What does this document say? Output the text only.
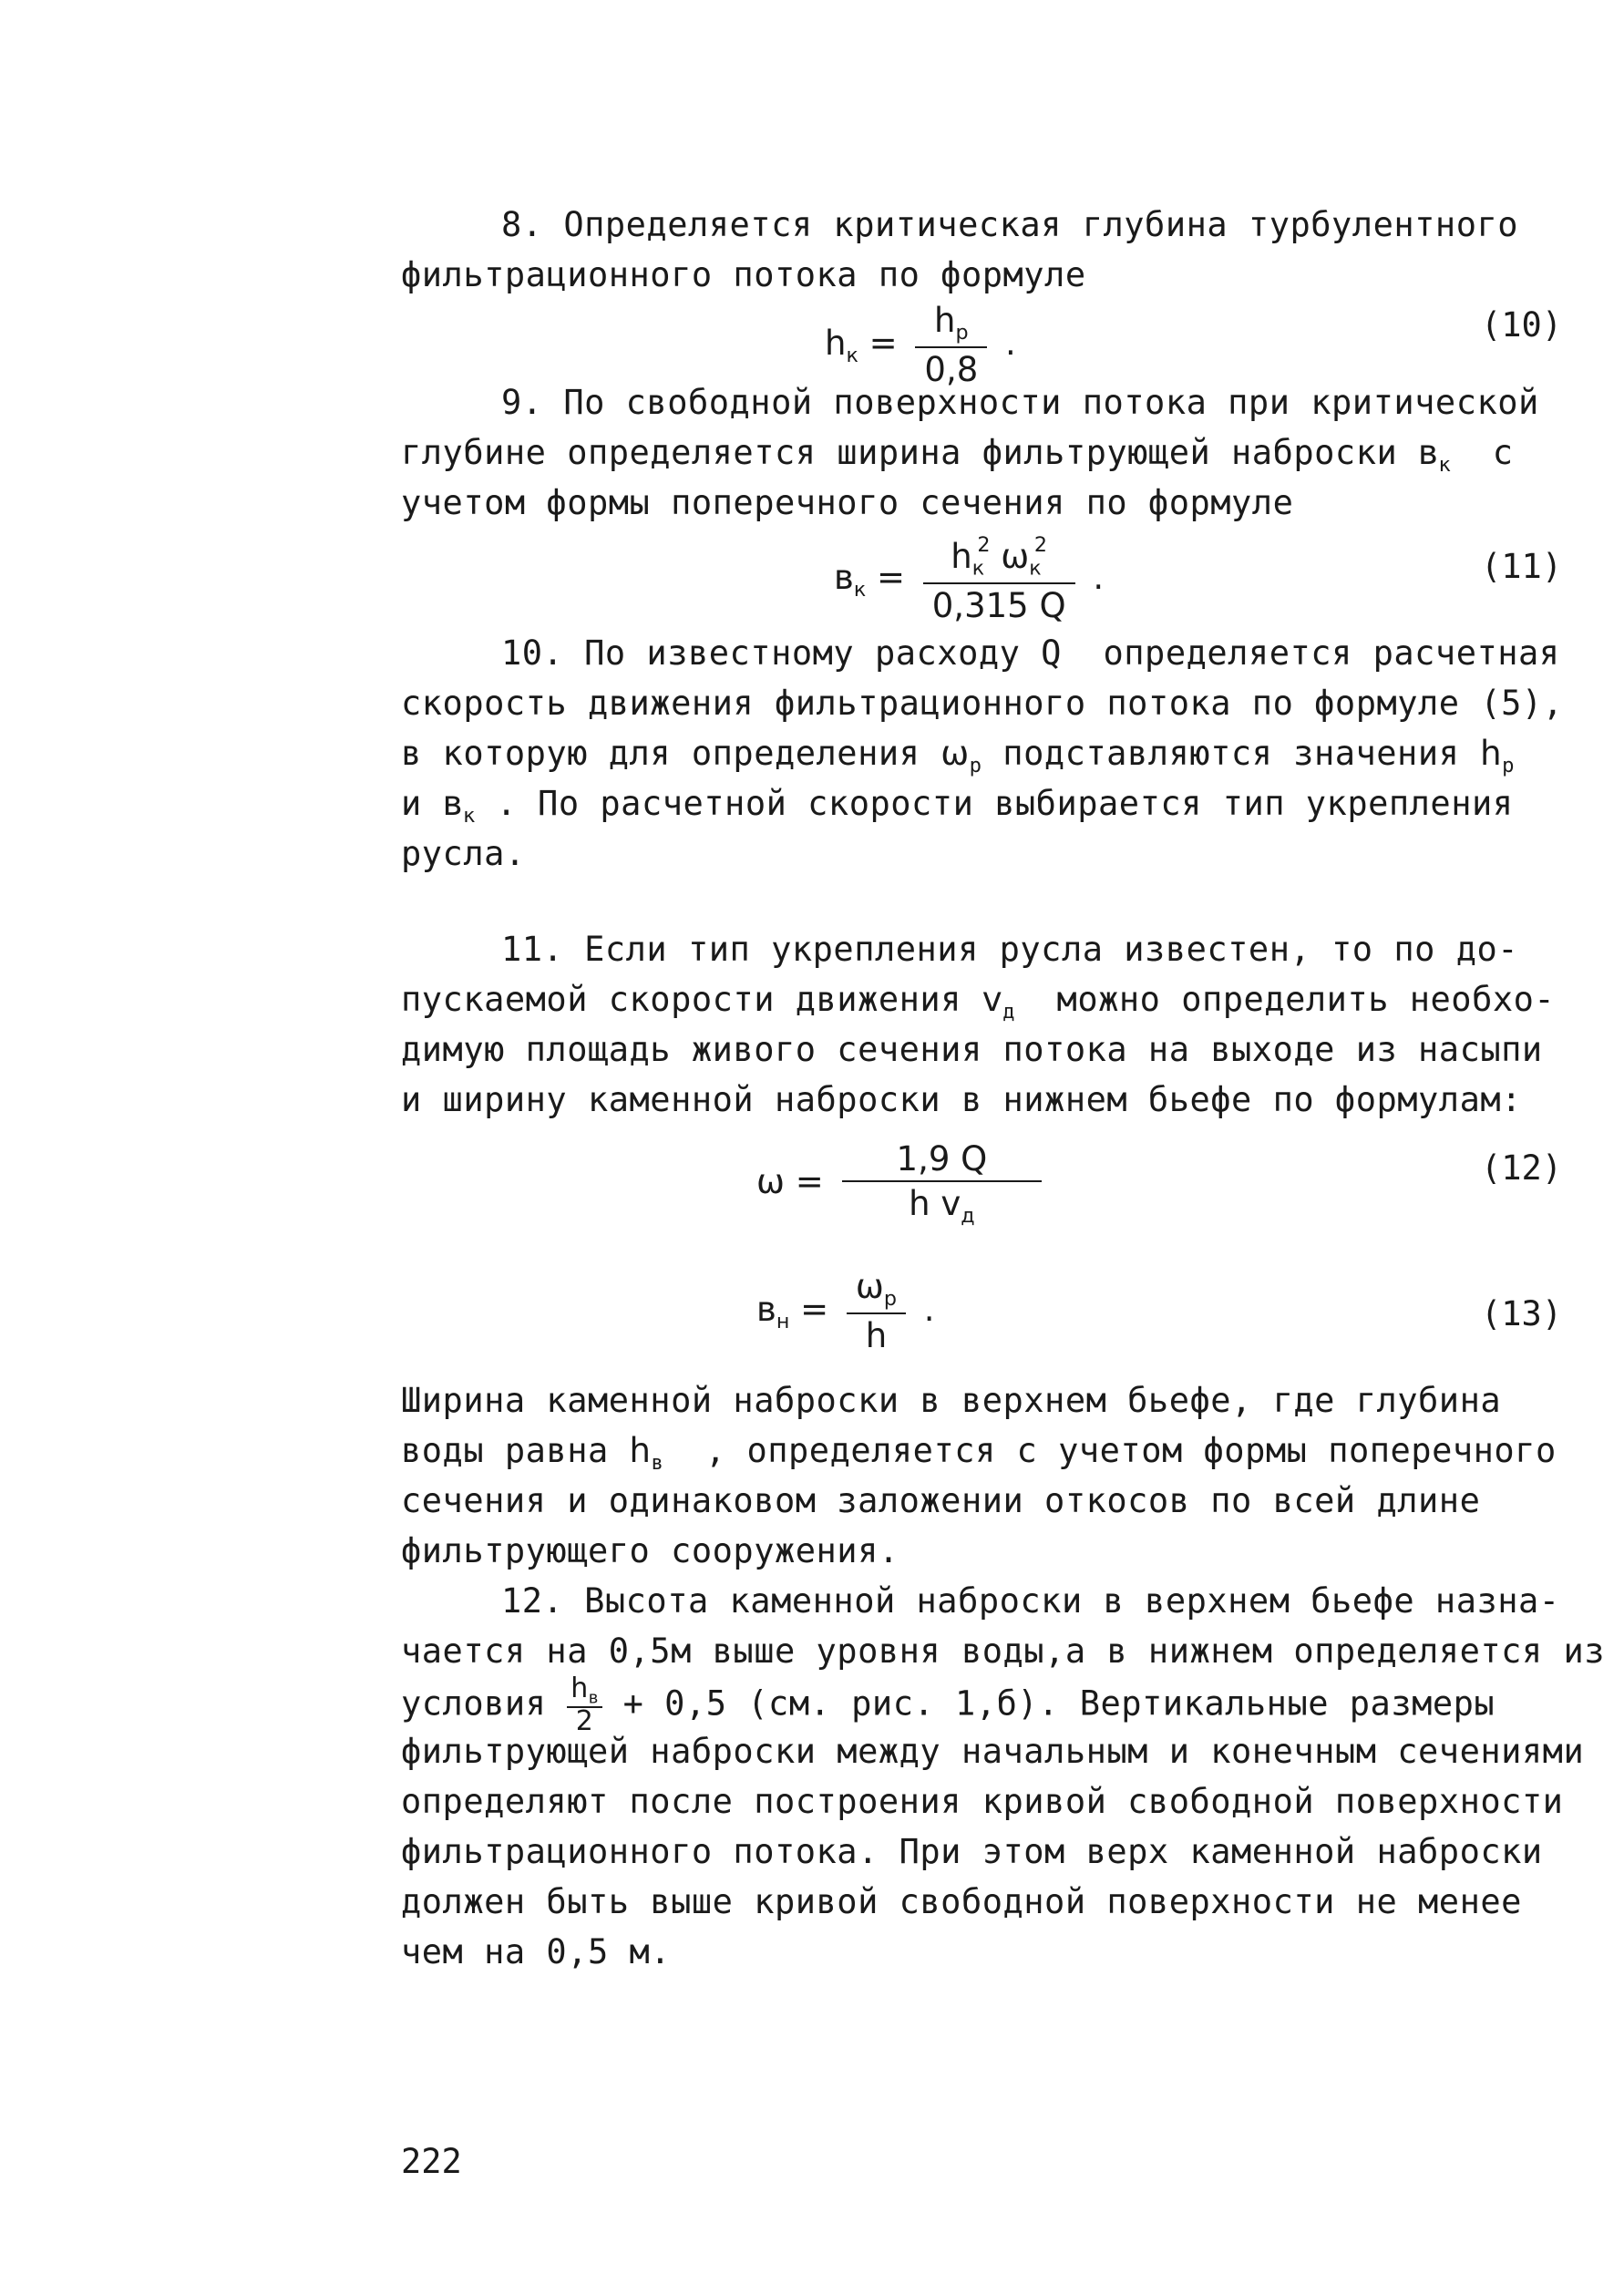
8. Определяется критическая глубина турбулентного
фильтрационного потока по формуле
$h_к = \frac{h_р}{0,8}$ .	(10)
9. По свободной поверхности потока при критической
глубине определяется ширина фильтрующей наброски $в_к$  с
учетом формы поперечного сечения по формуле
$в_к = \frac{h_к^2 \omega_к^2}{0,315 Q}$ .	(11)
10. По известному расходу Q  определяется расчетная
скорость движения фильтрационного потока по формуле (5),
в которую для определения $\omega_р$ подставляются значения $h_р$
и $в_к$ . По расчетной скорости выбирается тип укрепления
русла.
11. Если тип укрепления русла известен, то по до-
пускаемой скорости движения $v_д$  можно определить необхо-
димую площадь живого сечения потока на выходе из насыпи
и ширину каменной наброски в нижнем бьефе по формулам:
$\omega = \frac{1,9 Q}{h v_д}$	(12)
$в_н = \frac{\omega_р}{h}$ .	(13)
Ширина каменной наброски в верхнем бьефе, где глубина
воды равна $h_в$  , определяется с учетом формы поперечного
сечения и одинаковом заложении откосов по всей длине
фильтрующего сооружения.
12. Высота каменной наброски в верхнем бьефе назна-
чается на 0,5м выше уровня воды,а в нижнем определяется из
условия $\frac{h_в}{2} + 0,5$ (см. рис. 1,б). Вертикальные размеры
фильтрующей наброски между начальным и конечным сечениями
определяют после построения кривой свободной поверхности
фильтрационного потока. При этом верх каменной наброски
должен быть выше кривой свободной поверхности не менее
чем на 0,5 м.
222
